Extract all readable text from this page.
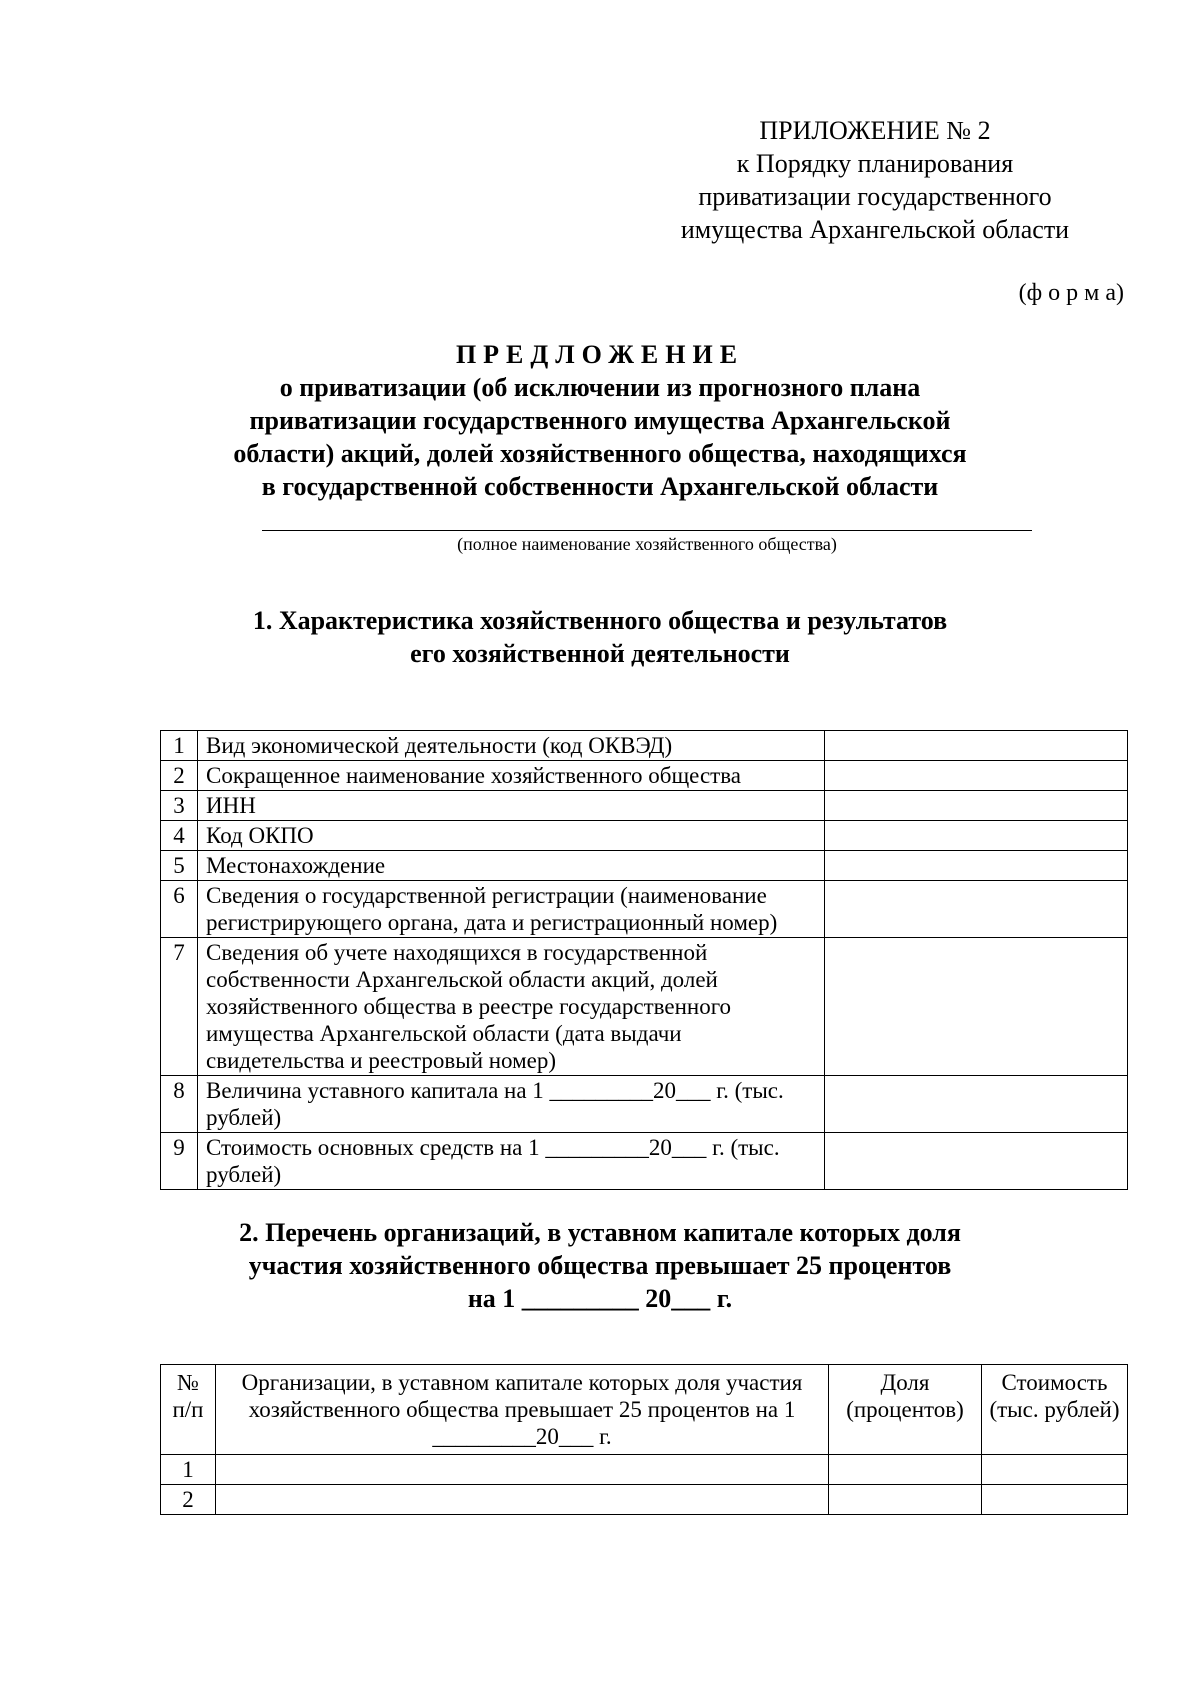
ПРИЛОЖЕНИЕ № 2
к Порядку планирования
приватизации государственного
имущества Архангельской области
(ф о р м а)
ПРЕДЛОЖЕНИЕ
о приватизации (об исключении из прогнозного плана
приватизации государственного имущества Архангельской
области) акций, долей хозяйственного общества, находящихся
в государственной собственности Архангельской области
(полное наименование хозяйственного общества)
1. Характеристика хозяйственного общества и результатов
его хозяйственной деятельности
1	Вид экономической деятельности (код ОКВЭД)	
2	Сокращенное наименование хозяйственного общества	
3	ИНН	
4	Код ОКПО	
5	Местонахождение	
6	Сведения о государственной регистрации (наименование регистрирующего органа, дата и регистрационный номер)	
7	Сведения об учете находящихся в государственной собственности Архангельской области акций, долей хозяйственного общества в реестре государственного имущества Архангельской области (дата выдачи свидетельства и реестровый номер)	
8	Величина уставного капитала на 1 _________20___ г. (тыс. рублей)	
9	Стоимость основных средств на 1 _________20___ г. (тыс. рублей)	
2. Перечень организаций, в уставном капитале которых доля
участия хозяйственного общества превышает 25 процентов
на 1 _________ 20___ г.
№ п/п	Организации, в уставном капитале которых доля участия хозяйственного общества превышает 25 процентов на 1 _________20___ г.	Доля (процентов)	Стоимость (тыс. рублей)
1			
2			
